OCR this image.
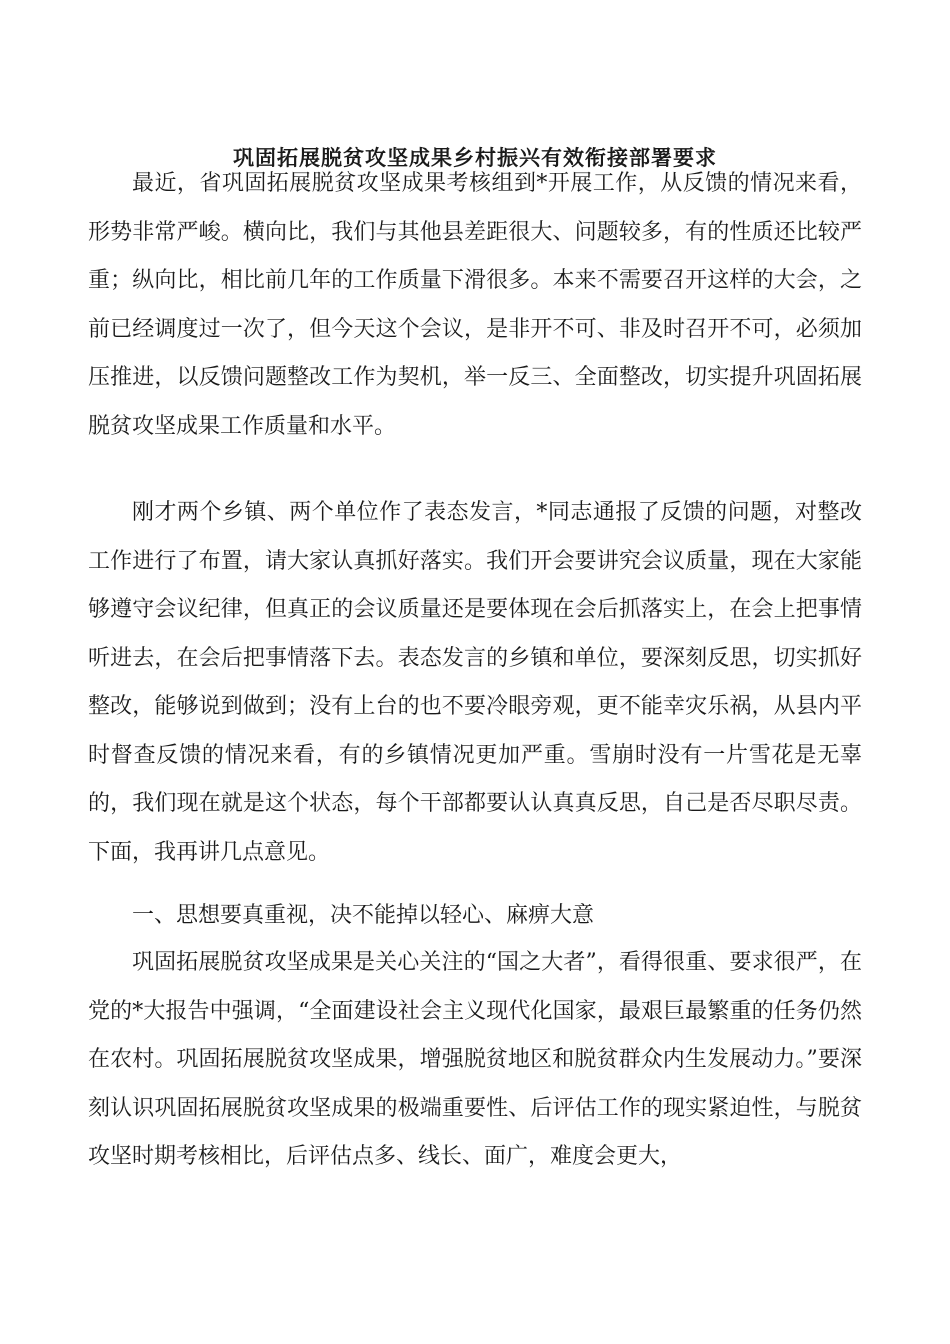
巩固拓展脱贫攻坚成果乡村振兴有效衔接部署要求

最近，省巩固拓展脱贫攻坚成果考核组到*开展工作，从反馈的情况来看，形势非常严峻。横向比，我们与其他县差距很大、问题较多，有的性质还比较严重；纵向比，相比前几年的工作质量下滑很多。本来不需要召开这样的大会，之前已经调度过一次了，但今天这个会议，是非开不可、非及时召开不可，必须加压推进，以反馈问题整改工作为契机，举一反三、全面整改，切实提升巩固拓展脱贫攻坚成果工作质量和水平。

刚才两个乡镇、两个单位作了表态发言，*同志通报了反馈的问题，对整改工作进行了布置，请大家认真抓好落实。我们开会要讲究会议质量，现在大家能够遵守会议纪律，但真正的会议质量还是要体现在会后抓落实上，在会上把事情听进去，在会后把事情落下去。表态发言的乡镇和单位，要深刻反思，切实抓好整改，能够说到做到；没有上台的也不要冷眼旁观，更不能幸灾乐祸，从县内平时督查反馈的情况来看，有的乡镇情况更加严重。雪崩时没有一片雪花是无辜的，我们现在就是这个状态，每个干部都要认认真真反思，自己是否尽职尽责。下面，我再讲几点意见。

一、思想要真重视，决不能掉以轻心、麻痹大意

巩固拓展脱贫攻坚成果是关心关注的“国之大者”，看得很重、要求很严，在党的*大报告中强调，“全面建设社会主义现代化国家，最艰巨最繁重的任务仍然在农村。巩固拓展脱贫攻坚成果，增强脱贫地区和脱贫群众内生发展动力。”要深刻认识巩固拓展脱贫攻坚成果的极端重要性、后评估工作的现实紧迫性，与脱贫攻坚时期考核相比，后评估点多、线长、面广，难度会更大，
